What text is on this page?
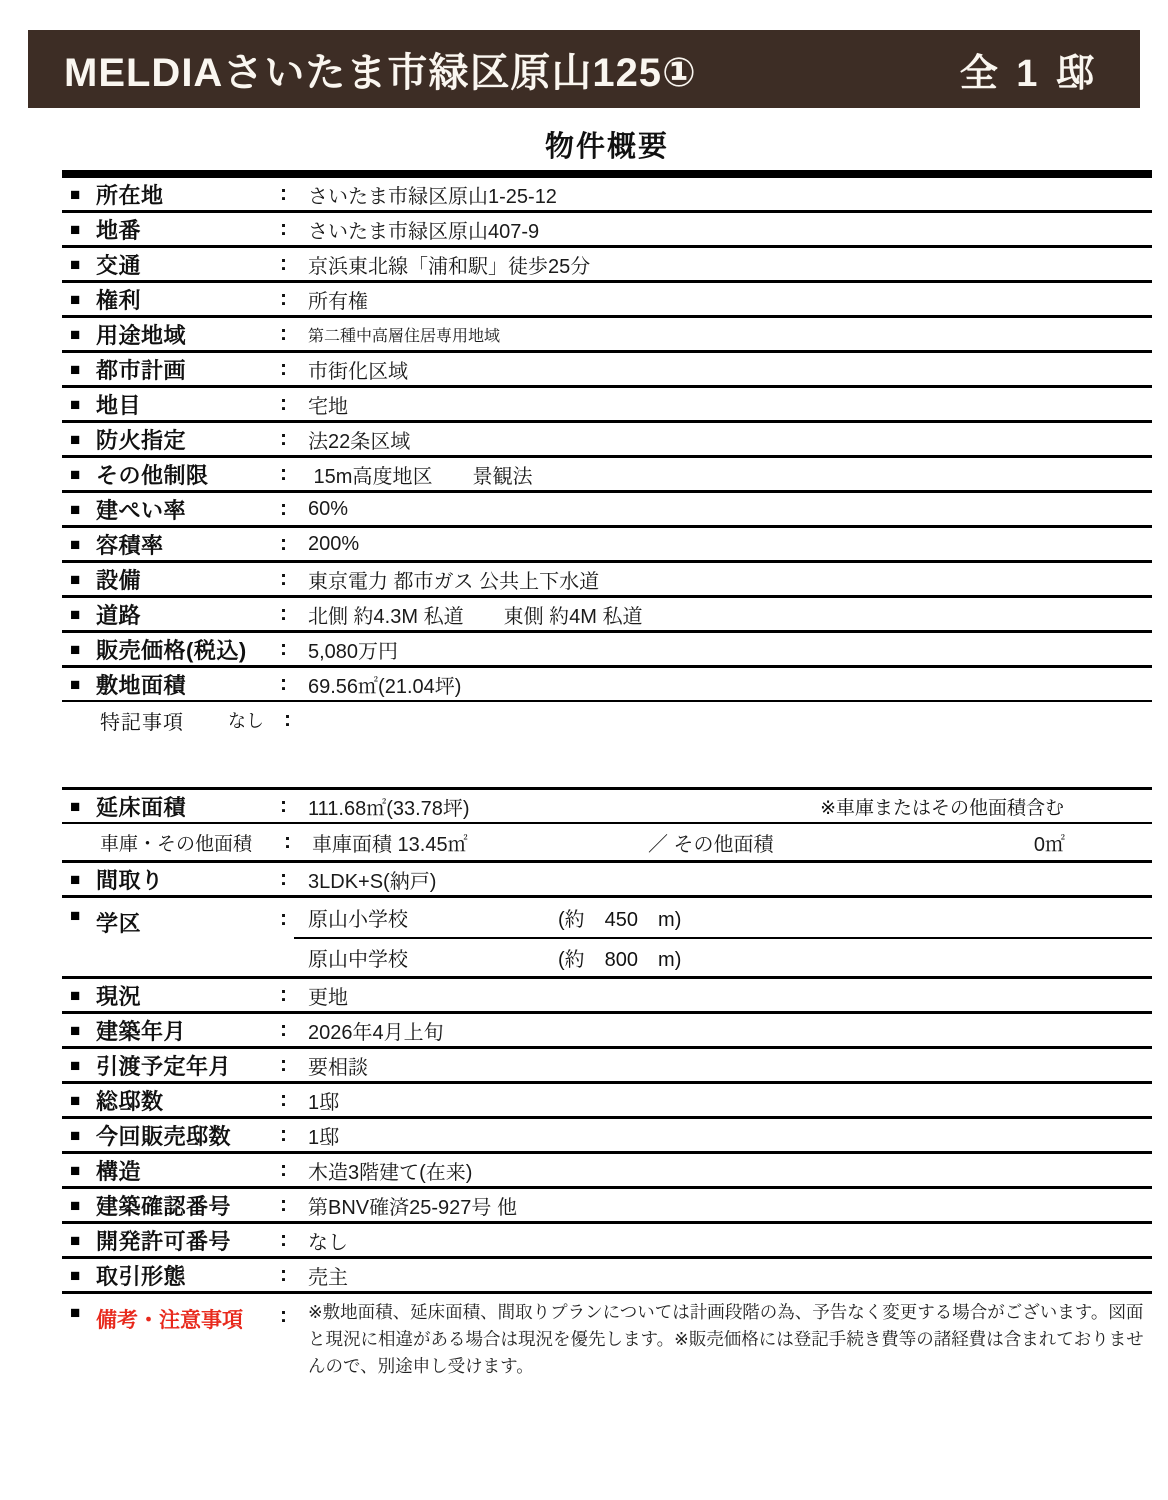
MELDIAさいたま市緑区原山125①	全 1 邸
物件概要
■ 所在地	:	さいたま市緑区原山1-25-12
■ 地番	:	さいたま市緑区原山407-9
■ 交通	:	京浜東北線「浦和駅」徒歩25分
■ 権利	:	所有権
■ 用途地域	:	第二種中高層住居専用地域
■ 都市計画	:	市街化区域
■ 地目	:	宅地
■ 防火指定	:	法22条区域
■ その他制限	:	15m高度地区　　景観法
■ 建ぺい率	:	60%
■ 容積率	:	200%
■ 設備	:	東京電力 都市ガス 公共上下水道
■ 道路	:	北側 約4.3M 私道　　東側 約4M 私道
■ 販売価格(税込)	:	5,080万円
■ 敷地面積	:	69.56㎡(21.04坪)
特記事項	なし :
■ 延床面積	:	111.68㎡(33.78坪)	※車庫またはその他面積含む
車庫・その他面積	:	車庫面積 13.45㎡	／ その他面積	0㎡
■ 間取り	:	3LDK+S(納戸)
■ 学区	:	原山小学校	(約　450　m)
原山中学校	(約　800　m)
■ 現況	:	更地
■ 建築年月	:	2026年4月上旬
■ 引渡予定年月	:	要相談
■ 総邸数	:	1邸
■ 今回販売邸数	:	1邸
■ 構造	:	木造3階建て(在来)
■ 建築確認番号	:	第BNV確済25-927号 他
■ 開発許可番号	:	なし
■ 取引形態	:	売主
■ 備考・注意事項	:	※敷地面積、延床面積、間取りプランについては計画段階の為、予告なく変更する場合がございます。図面と現況に相違がある場合は現況を優先します。※販売価格には登記手続き費等の諸経費は含まれておりませんので、別途申し受けます。
